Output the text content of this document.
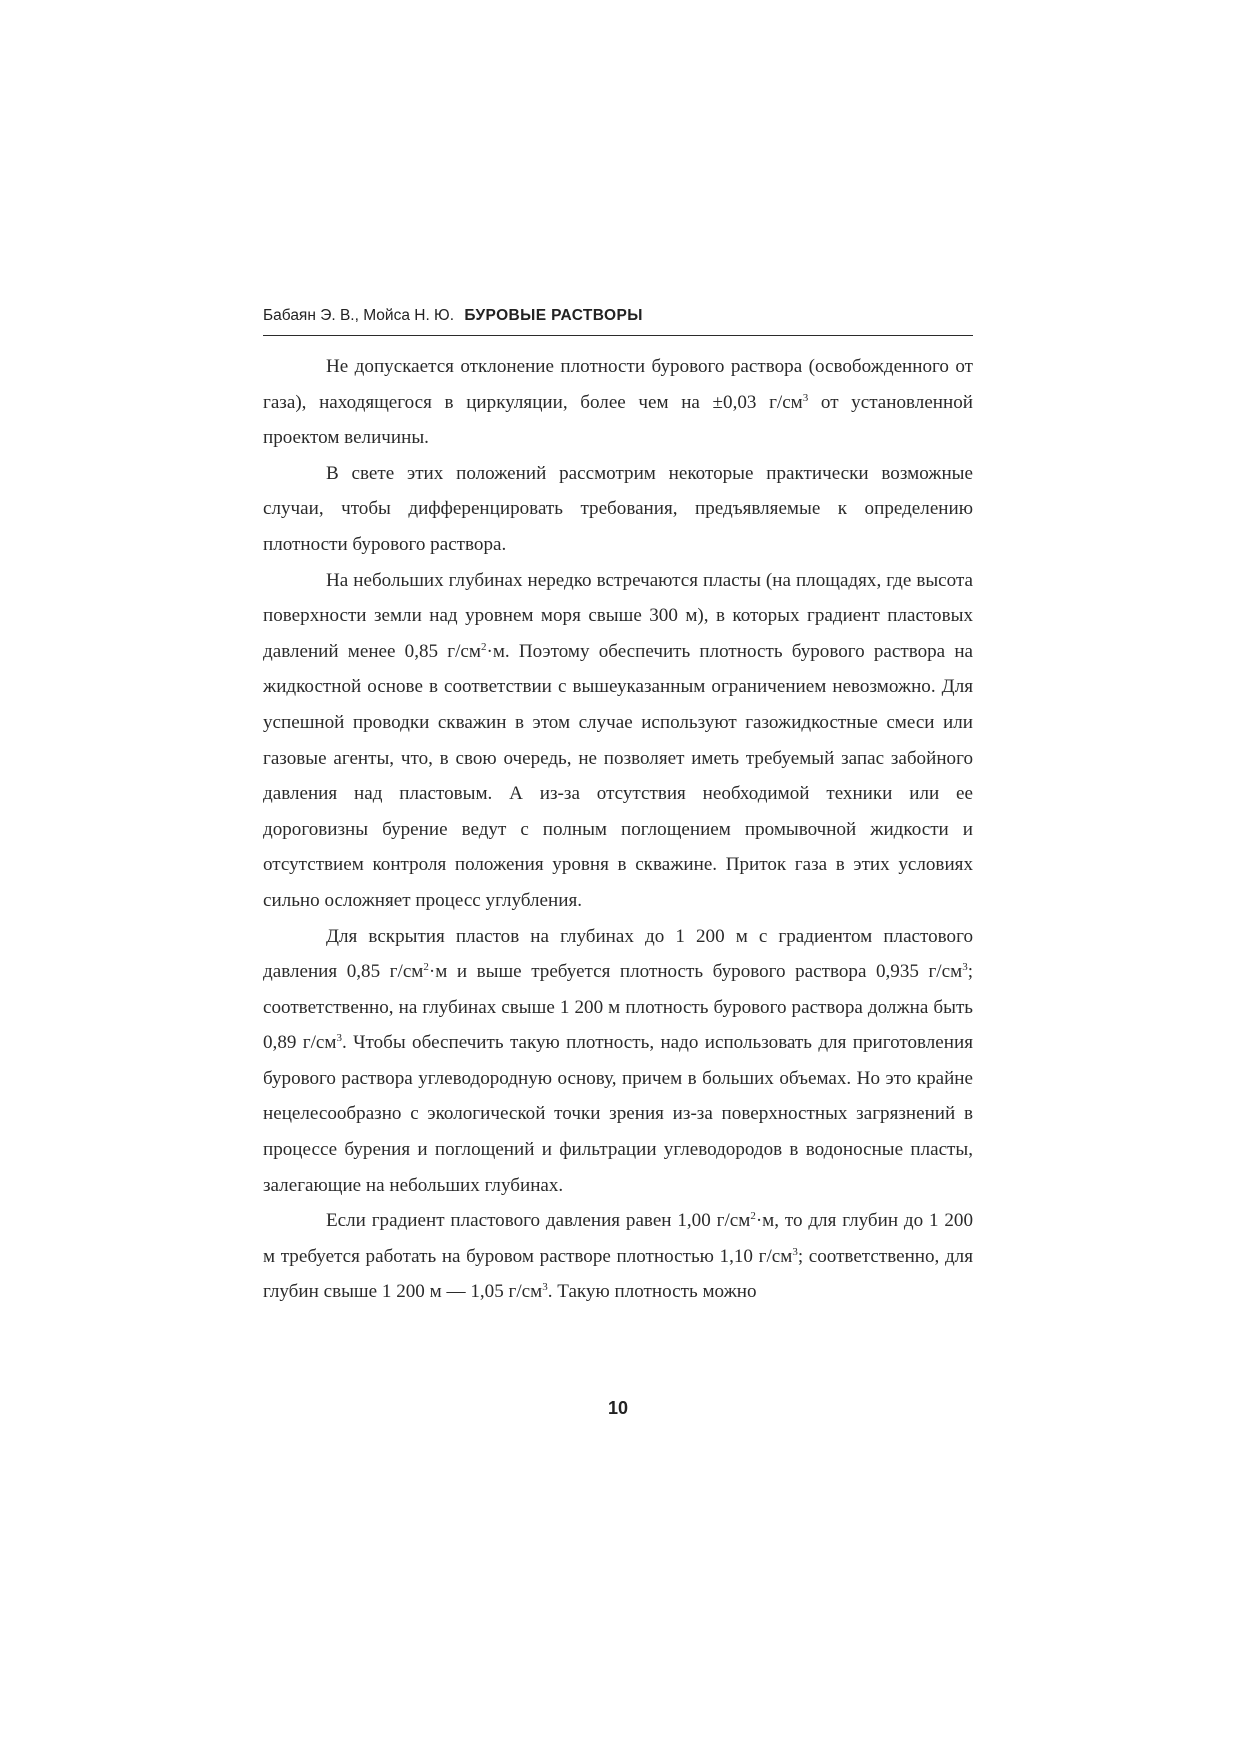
Бабаян Э. В., Мойса Н. Ю. БУРОВЫЕ РАСТВОРЫ

Не допускается отклонение плотности бурового раствора (освобожденного от газа), находящегося в циркуляции, более чем на ±0,03 $г/см^3$ от установленной проектом величины.

В свете этих положений рассмотрим некоторые практически возможные случаи, чтобы дифференцировать требования, предъявляемые к определению плотности бурового раствора.

На небольших глубинах нередко встречаются пласты (на площадях, где высота поверхности земли над уровнем моря свыше 300 м), в которых градиент пластовых давлений менее 0,85 $г/см^2\cdot м$. Поэтому обеспечить плотность бурового раствора на жидкостной основе в соответствии с вышеуказанным ограничением невозможно. Для успешной проводки скважин в этом случае используют газожидкостные смеси или газовые агенты, что, в свою очередь, не позволяет иметь требуемый запас забойного давления над пластовым. А из-за отсутствия необходимой техники или ее дороговизны бурение ведут с полным поглощением промывочной жидкости и отсутствием контроля положения уровня в скважине. Приток газа в этих условиях сильно осложняет процесс углубления.

Для вскрытия пластов на глубинах до 1 200 м с градиентом пластового давления 0,85 $г/см^2\cdot м$ и выше требуется плотность бурового раствора 0,935 $г/см^3$; соответственно, на глубинах свыше 1 200 м плотность бурового раствора должна быть 0,89 $г/см^3$. Чтобы обеспечить такую плотность, надо использовать для приготовления бурового раствора углеводородную основу, причем в больших объемах. Но это крайне нецелесообразно с экологической точки зрения из-за поверхностных загрязнений в процессе бурения и поглощений и фильтрации углеводородов в водоносные пласты, залегающие на небольших глубинах.

Если градиент пластового давления равен 1,00 $г/см^2\cdot м$, то для глубин до 1 200 м требуется работать на буровом растворе плотностью 1,10 $г/см^3$; соответственно, для глубин свыше 1 200 м — 1,05 $г/см^3$. Такую плотность можно

10
